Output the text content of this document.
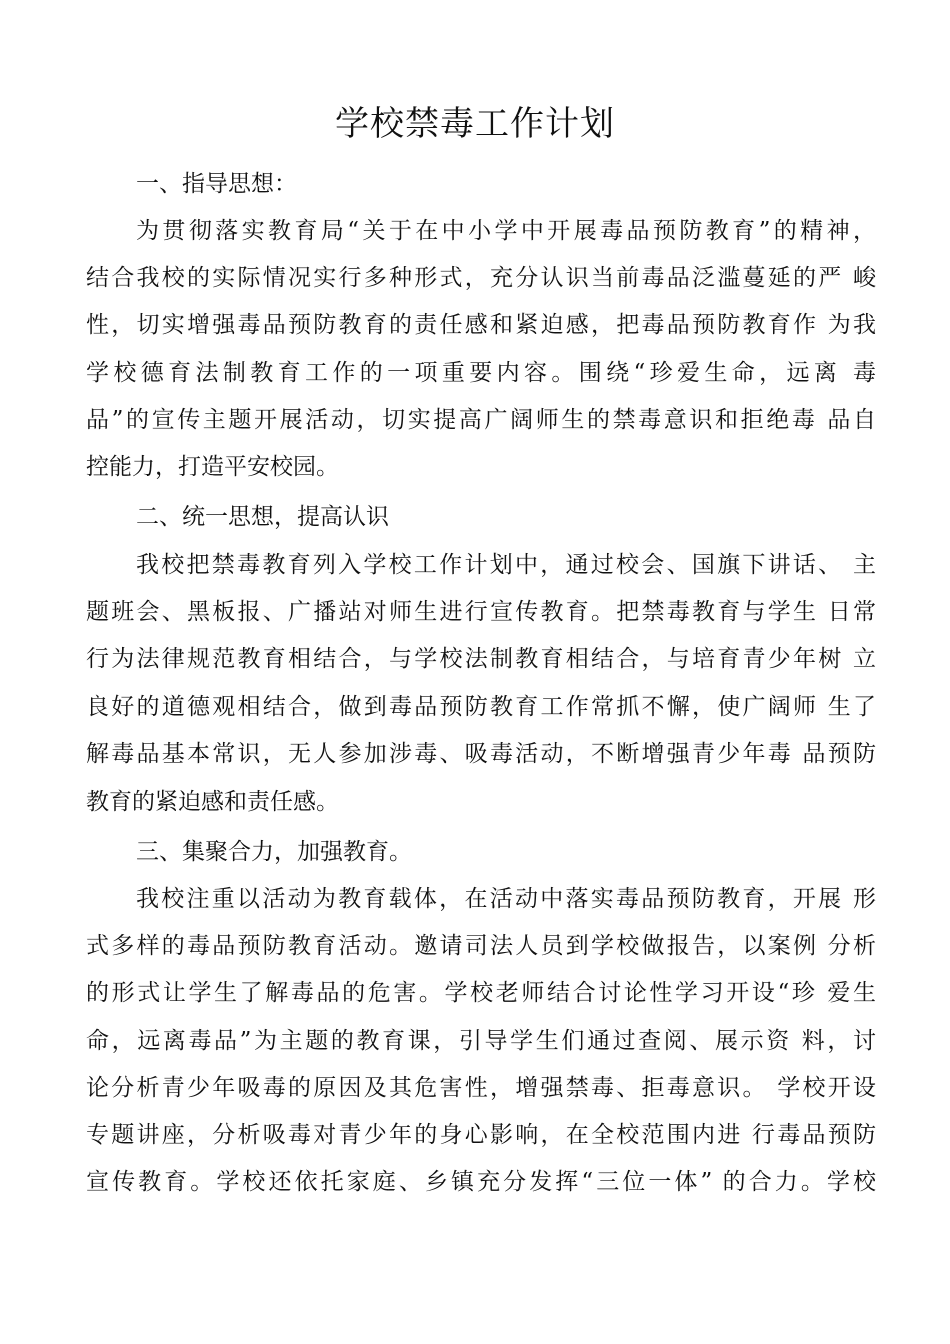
学校禁毒工作计划
一、指导思想：
为贯彻落实教育局“关于在中小学中开展毒品预防教育”的精神，
结合我校的实际情况实行多种形式，充分认识当前毒品泛滥蔓延的严 峻
性，切实增强毒品预防教育的责任感和紧迫感，把毒品预防教育作 为我
学校德育法制教育工作的一项重要内容。围绕“珍爱生命，远离 毒
品”的宣传主题开展活动，切实提高广阔师生的禁毒意识和拒绝毒 品自
控能力，打造平安校园。
二、统一思想，提高认识
我校把禁毒教育列入学校工作计划中，通过校会、国旗下讲话、 主
题班会、黑板报、广播站对师生进行宣传教育。把禁毒教育与学生 日常
行为法律规范教育相结合，与学校法制教育相结合，与培育青少年树 立
良好的道德观相结合，做到毒品预防教育工作常抓不懈，使广阔师 生了
解毒品基本常识，无人参加涉毒、吸毒活动，不断增强青少年毒 品预防
教育的紧迫感和责任感。
三、集聚合力，加强教育。
我校注重以活动为教育载体，在活动中落实毒品预防教育，开展 形
式多样的毒品预防教育活动。邀请司法人员到学校做报告，以案例 分析
的形式让学生了解毒品的危害。学校老师结合讨论性学习开设“珍 爱生
命，远离毒品”为主题的教育课，引导学生们通过查阅、展示资 料，讨
论分析青少年吸毒的原因及其危害性，增强禁毒、拒毒意识。 学校开设
专题讲座，分析吸毒对青少年的身心影响，在全校范围内进 行毒品预防
宣传教育。学校还依托家庭、乡镇充分发挥“三位一体” 的合力。学校
